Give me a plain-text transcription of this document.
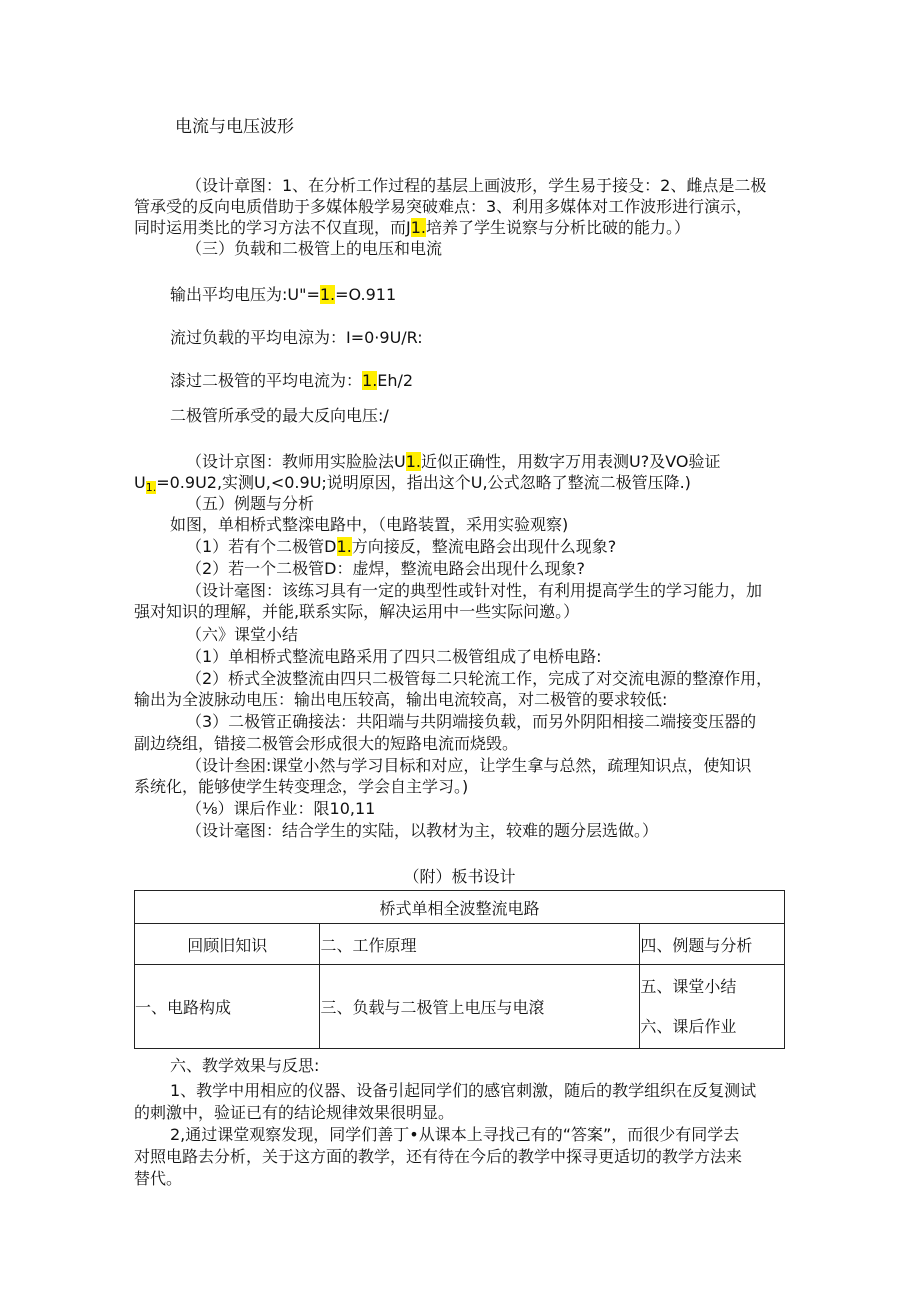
电流与电压波形
（设计章图：1、在分析工作过程的基层上画波形，学生易于接殳：2、雌点是二极
管承受的反向电质借助于多媒体般学易突破难点：3、利用多媒体对工作波形进行演示，
同时运用类比的学习方法不仅直现，而J1.培养了学生说察与分析比破的能力。）
（三）负载和二极管上的电压和电流
输出平均电压为:U"=1.=O.911
流过负载的平均电涼为：I=0·9U/R:
漆过二极管的平均电流为：1.Eh/2
二极管所承受的最大反向电压:/
（设计京图：教师用实脸脸法U1.近似正确性，用数字万用表测U?及VO验证
U1.=0.9U2,实测U,<0.9U;说明原因，指出这个U,公式忽略了整流二极管压降.)
（五）例题与分析
如图，单相桥式整滦电路中，（电路装置，采用实验观察)
（1）若有个二极管D1.方向接反，整流电路会出现什么现象?
（2）若一个二极管D：虚焊，整流电路会出现什么现象?
（设计毫图：该练习具有一定的典型性或针对性，有利用提高学生的学习能力，加
强对知识的理解，并能,联系实际，解决运用中一些实际问邀。）
（六》课堂小结
（1）单相桥式整流电路采用了四只二极管组成了电桥电路:
（2）桥式全波整流由四只二极管每二只轮流工作，完成了对交流电源的整潦作用，
输出为全波脉动电压：输出电压较高，输出电流较高，对二极管的要求较低:
（3）二极管正确接法：共阳端与共阴端接负载，而另外阴阳相接二端接变压器的
副边绕组，错接二极管会形成很大的短路电流而烧毁。
（设计叁困:课堂小然与学习目标和对应，让学生拿与总然，疏理知识点，使知识
系统化，能够使学生转变理念，学会自主学习。)
（⅛）课后作业：限10,11
（设计毫图：结合学生的实陆，以教材为主，较难的题分层选做。）
（附）板书设计
桥式单相全波整流电路		
回顾旧知识	二、工作原理	四、例题与分析
一、电路构成	三、负载与二极管上电压与电滾	五、课堂小结
六、课后作业
六、教学效果与反思:
1、教学中用相应的仪器、设备引起同学们的感官刺激，随后的教学组织在反复测试
的刺激中，验证已有的结论规律效果很明显。
2,通过课堂观察发现，同学们善丁•从课本上寻找己有的“答案”，而很少有同学去
对照电路去分析，关于这方面的教学，还有待在今后的教学中探寻更适切的教学方法来
替代。
